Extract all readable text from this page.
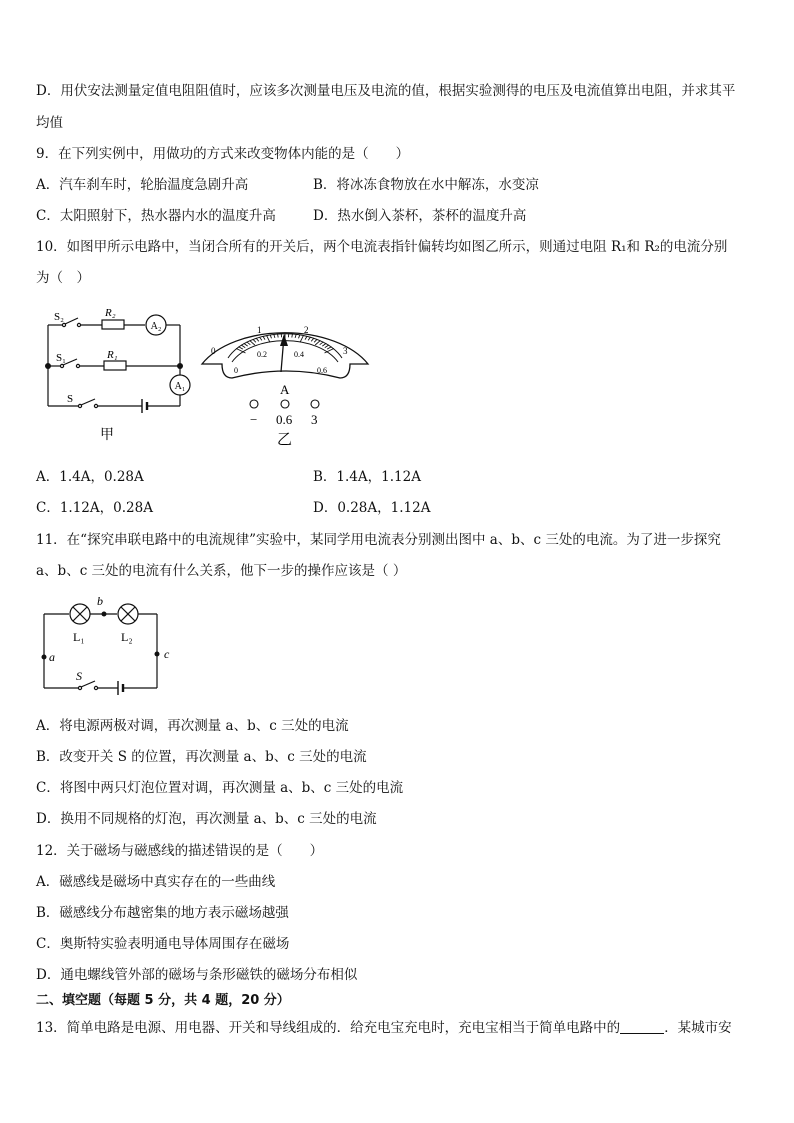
D．用伏安法测量定值电阻阻值时，应该多次测量电压及电流的值，根据实验测得的电压及电流值算出电阻，并求其平
均值
9．在下列实例中，用做功的方式来改变物体内能的是（　　）
A．汽车刹车时，轮胎温度急剧升高	B．将冰冻食物放在水中解冻，水变凉
C．太阳照射下，热水器内水的温度升高	D．热水倒入茶杯，茶杯的温度升高
10．如图甲所示电路中，当闭合所有的开关后，两个电流表指针偏转均如图乙所示，则通过电阻 R₁和 R₂的电流分别
为（　）
S₂	R₂
A₂
S₁	R₁
A₁
S
甲
0
1	2
3
0
0.2	0.4
0.6
A
− 0.6 3
乙
A．1.4A，0.28A	B．1.4A，1.12A
C．1.12A，0.28A	D．0.28A，1.12A
11．在“探究串联电路中的电流规律”实验中，某同学用电流表分别测出图中 a、b、c 三处的电流。为了进一步探究
a、b、c 三处的电流有什么关系，他下一步的操作应该是（ ）
b
L₁	L₂
a	c
S
A．将电源两极对调，再次测量 a、b、c 三处的电流
B．改变开关 S 的位置，再次测量 a、b、c 三处的电流
C．将图中两只灯泡位置对调，再次测量 a、b、c 三处的电流
D．换用不同规格的灯泡，再次测量 a、b、c 三处的电流
12．关于磁场与磁感线的描述错误的是（　　）
A．磁感线是磁场中真实存在的一些曲线
B．磁感线分布越密集的地方表示磁场越强
C．奥斯特实验表明通电导体周围存在磁场
D．通电螺线管外部的磁场与条形磁铁的磁场分布相似
二、填空题（每题 5 分，共 4 题，20 分）
13．简单电路是电源、用电器、开关和导线组成的．给充电宝充电时，充电宝相当于简单电路中的	．某城市安
